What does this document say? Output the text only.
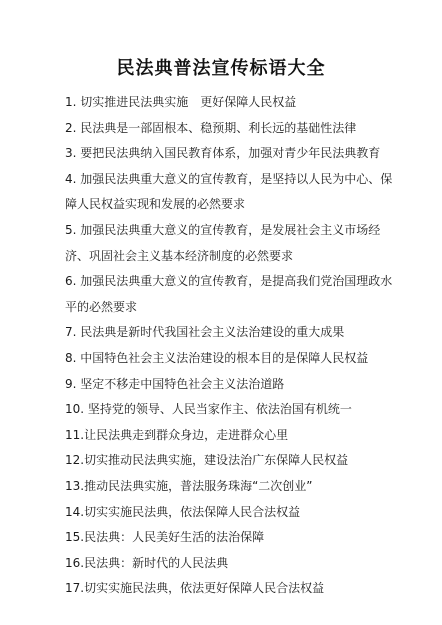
民法典普法宣传标语大全
1. 切实推进民法典实施　更好保障人民权益
2. 民法典是一部固根本、稳预期、利长远的基础性法律
3. 要把民法典纳入国民教育体系，加强对青少年民法典教育
4. 加强民法典重大意义的宣传教育，是坚持以人民为中心、保障人民权益实现和发展的必然要求
5. 加强民法典重大意义的宣传教育，是发展社会主义市场经济、巩固社会主义基本经济制度的必然要求
6. 加强民法典重大意义的宣传教育，是提高我们党治国理政水平的必然要求
7. 民法典是新时代我国社会主义法治建设的重大成果
8. 中国特色社会主义法治建设的根本目的是保障人民权益
9. 坚定不移走中国特色社会主义法治道路
10. 坚持党的领导、人民当家作主、依法治国有机统一
11.让民法典走到群众身边，走进群众心里
12.切实推动民法典实施，建设法治广东保障人民权益
13.推动民法典实施，普法服务珠海“二次创业”
14.切实实施民法典，依法保障人民合法权益
15.民法典：人民美好生活的法治保障
16.民法典：新时代的人民法典
17.切实实施民法典，依法更好保障人民合法权益
